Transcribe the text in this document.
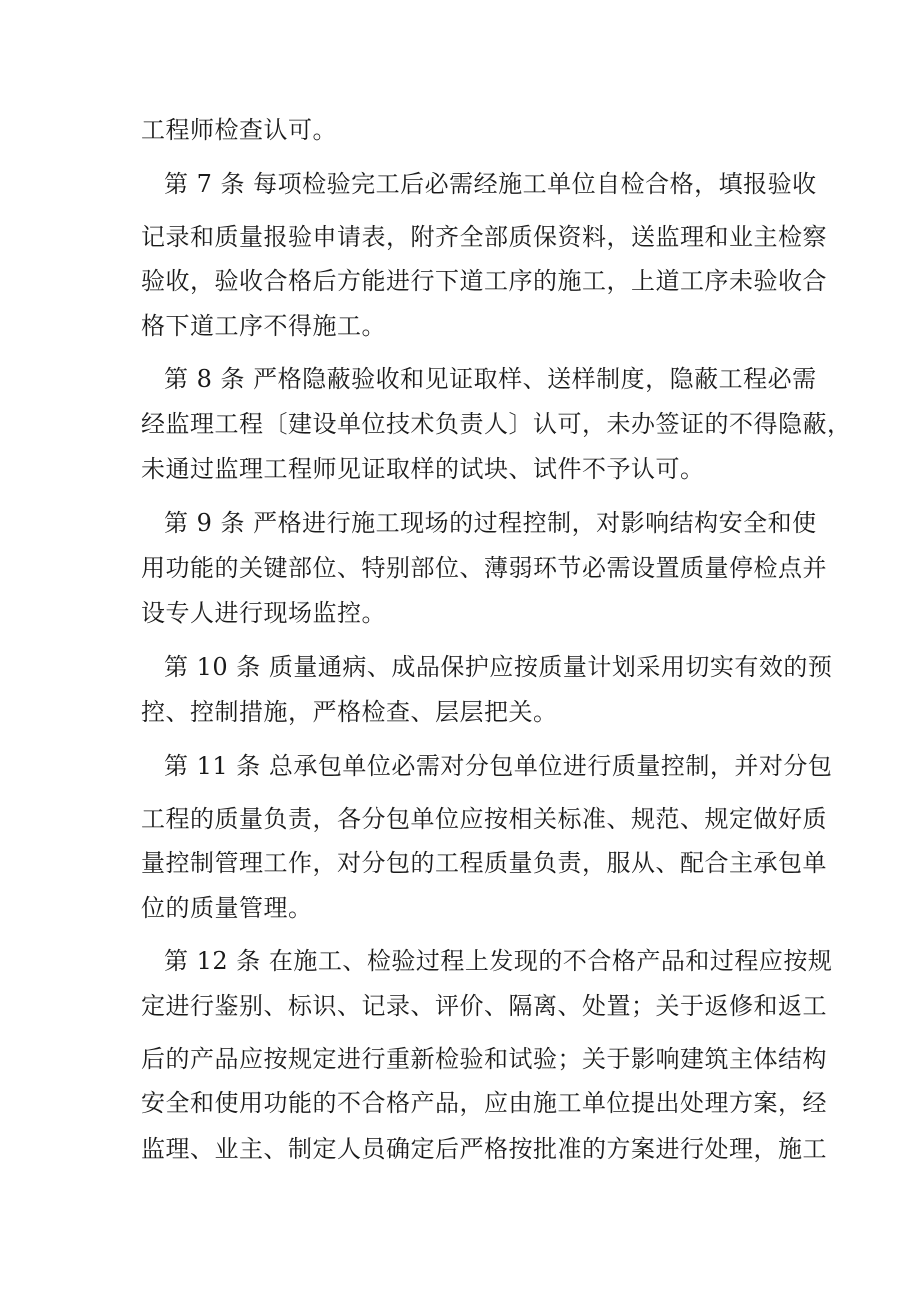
工程师检查认可。
第 7 条 每项检验完工后必需经施工单位自检合格，填报验收
记录和质量报验申请表，附齐全部质保资料，送监理和业主检察
验收，验收合格后方能进行下道工序的施工，上道工序未验收合
格下道工序不得施工。
第 8 条 严格隐蔽验收和见证取样、送样制度，隐蔽工程必需
经监理工程〔建设单位技术负责人〕认可，未办签证的不得隐蔽，
未通过监理工程师见证取样的试块、试件不予认可。
第 9 条 严格进行施工现场的过程控制，对影响结构安全和使
用功能的关键部位、特别部位、薄弱环节必需设置质量停检点并
设专人进行现场监控。
第 10 条 质量通病、成品保护应按质量计划采用切实有效的预
控、控制措施，严格检查、层层把关。
第 11 条 总承包单位必需对分包单位进行质量控制，并对分包
工程的质量负责，各分包单位应按相关标准、规范、规定做好质
量控制管理工作，对分包的工程质量负责，服从、配合主承包单
位的质量管理。
第 12 条 在施工、检验过程上发现的不合格产品和过程应按规
定进行鉴别、标识、记录、评价、隔离、处置；关于返修和返工
后的产品应按规定进行重新检验和试验；关于影响建筑主体结构
安全和使用功能的不合格产品，应由施工单位提出处理方案，经
监理、业主、制定人员确定后严格按批准的方案进行处理，施工
